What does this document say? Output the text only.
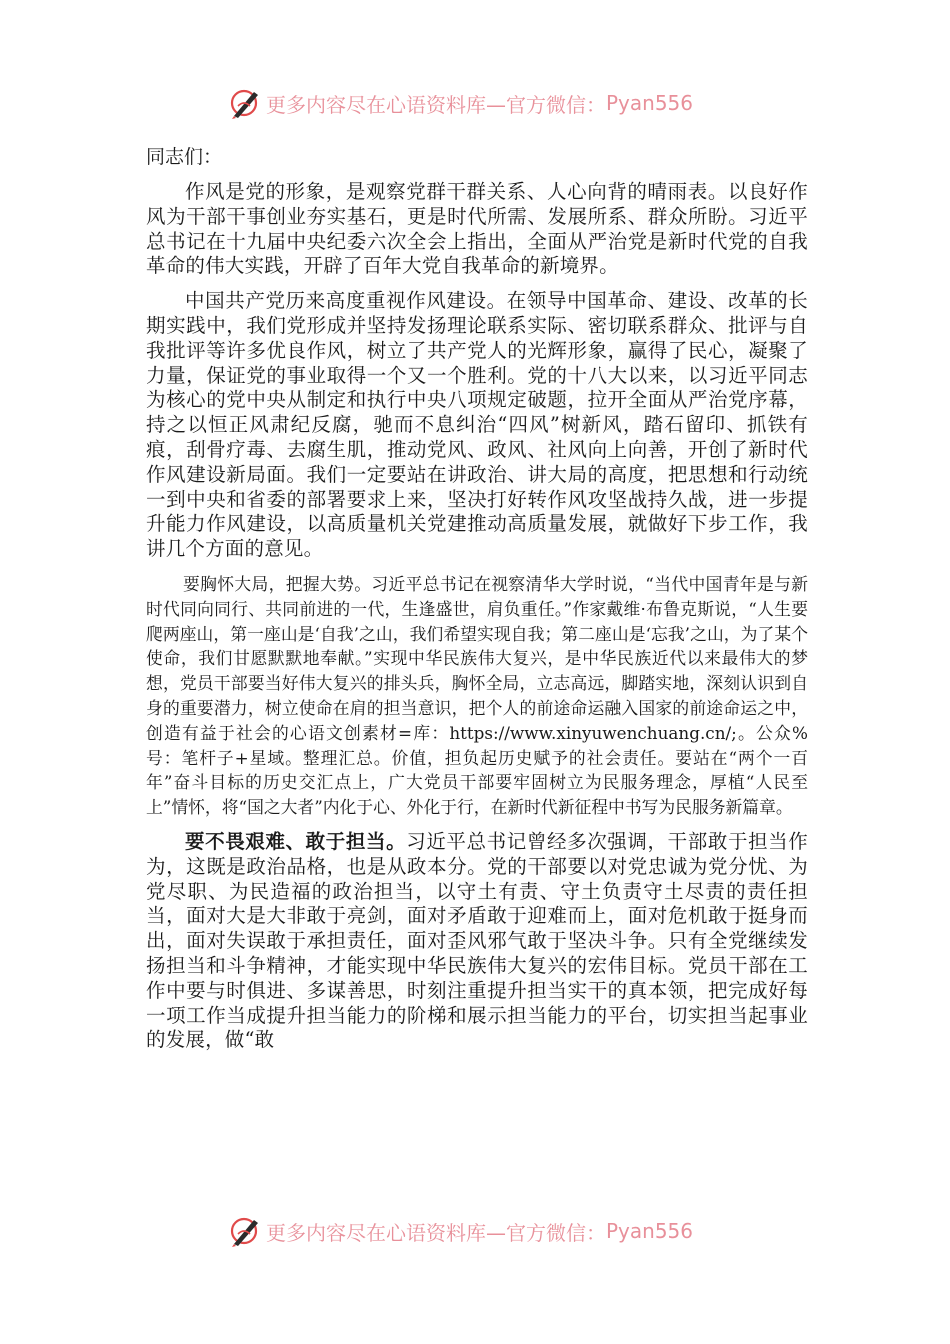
更多内容尽在心语资料库—官方微信： Pyan556
同志们：

作风是党的形象，是观察党群干群关系、人心向背的晴雨表。以良好作风为干部干事创业夯实基石，更是时代所需、发展所系、群众所盼。习近平总书记在十九届中央纪委六次全会上指出，全面从严治党是新时代党的自我革命的伟大实践，开辟了百年大党自我革命的新境界。

中国共产党历来高度重视作风建设。在领导中国革命、建设、改革的长期实践中，我们党形成并坚持发扬理论联系实际、密切联系群众、批评与自我批评等许多优良作风，树立了共产党人的光辉形象，赢得了民心，凝聚了力量，保证党的事业取得一个又一个胜利。党的十八大以来，以习近平同志为核心的党中央从制定和执行中央八项规定破题，拉开全面从严治党序幕，持之以恒正风肃纪反腐，驰而不息纠治“四风”树新风，踏石留印、抓铁有痕，刮骨疗毒、去腐生肌，推动党风、政风、社风向上向善，开创了新时代作风建设新局面。我们一定要站在讲政治、讲大局的高度，把思想和行动统一到中央和省委的部署要求上来，坚决打好转作风攻坚战持久战，进一步提升能力作风建设，以高质量机关党建推动高质量发展，就做好下步工作，我讲几个方面的意见。

要胸怀大局，把握大势。习近平总书记在视察清华大学时说，“当代中国青年是与新时代同向同行、共同前进的一代，生逢盛世，肩负重任。”作家戴维·布鲁克斯说，“人生要爬两座山，第一座山是‘自我’之山，我们希望实现自我；第二座山是‘忘我’之山，为了某个使命，我们甘愿默默地奉献。”实现中华民族伟大复兴，是中华民族近代以来最伟大的梦想，党员干部要当好伟大复兴的排头兵，胸怀全局，立志高远，脚踏实地，深刻认识到自身的重要潜力，树立使命在肩的担当意识，把个人的前途命运融入国家的前途命运之中，创造有益于社会的心语文创素材=库：https://www.xinyuwenchuang.cn/;。公众%号：笔杆子+星域。整理汇总。价值，担负起历史赋予的社会责任。要站在“两个一百年”奋斗目标的历史交汇点上，广大党员干部要牢固树立为民服务理念，厚植“人民至上”情怀，将“国之大者”内化于心、外化于行，在新时代新征程中书写为民服务新篇章。

要不畏艰难、敢于担当。习近平总书记曾经多次强调，干部敢于担当作为，这既是政治品格，也是从政本分。党的干部要以对党忠诚为党分忧、为党尽职、为民造福的政治担当，以守土有责、守土负责守土尽责的责任担当，面对大是大非敢于亮剑，面对矛盾敢于迎难而上，面对危机敢于挺身而出，面对失误敢于承担责任，面对歪风邪气敢于坚决斗争。只有全党继续发扬担当和斗争精神，才能实现中华民族伟大复兴的宏伟目标。党员干部在工作中要与时俱进、多谋善思，时刻注重提升担当实干的真本领，把完成好每一项工作当成提升担当能力的阶梯和展示担当能力的平台，切实担当起事业的发展，做“敢

更多内容尽在心语资料库—官方微信： Pyan556
